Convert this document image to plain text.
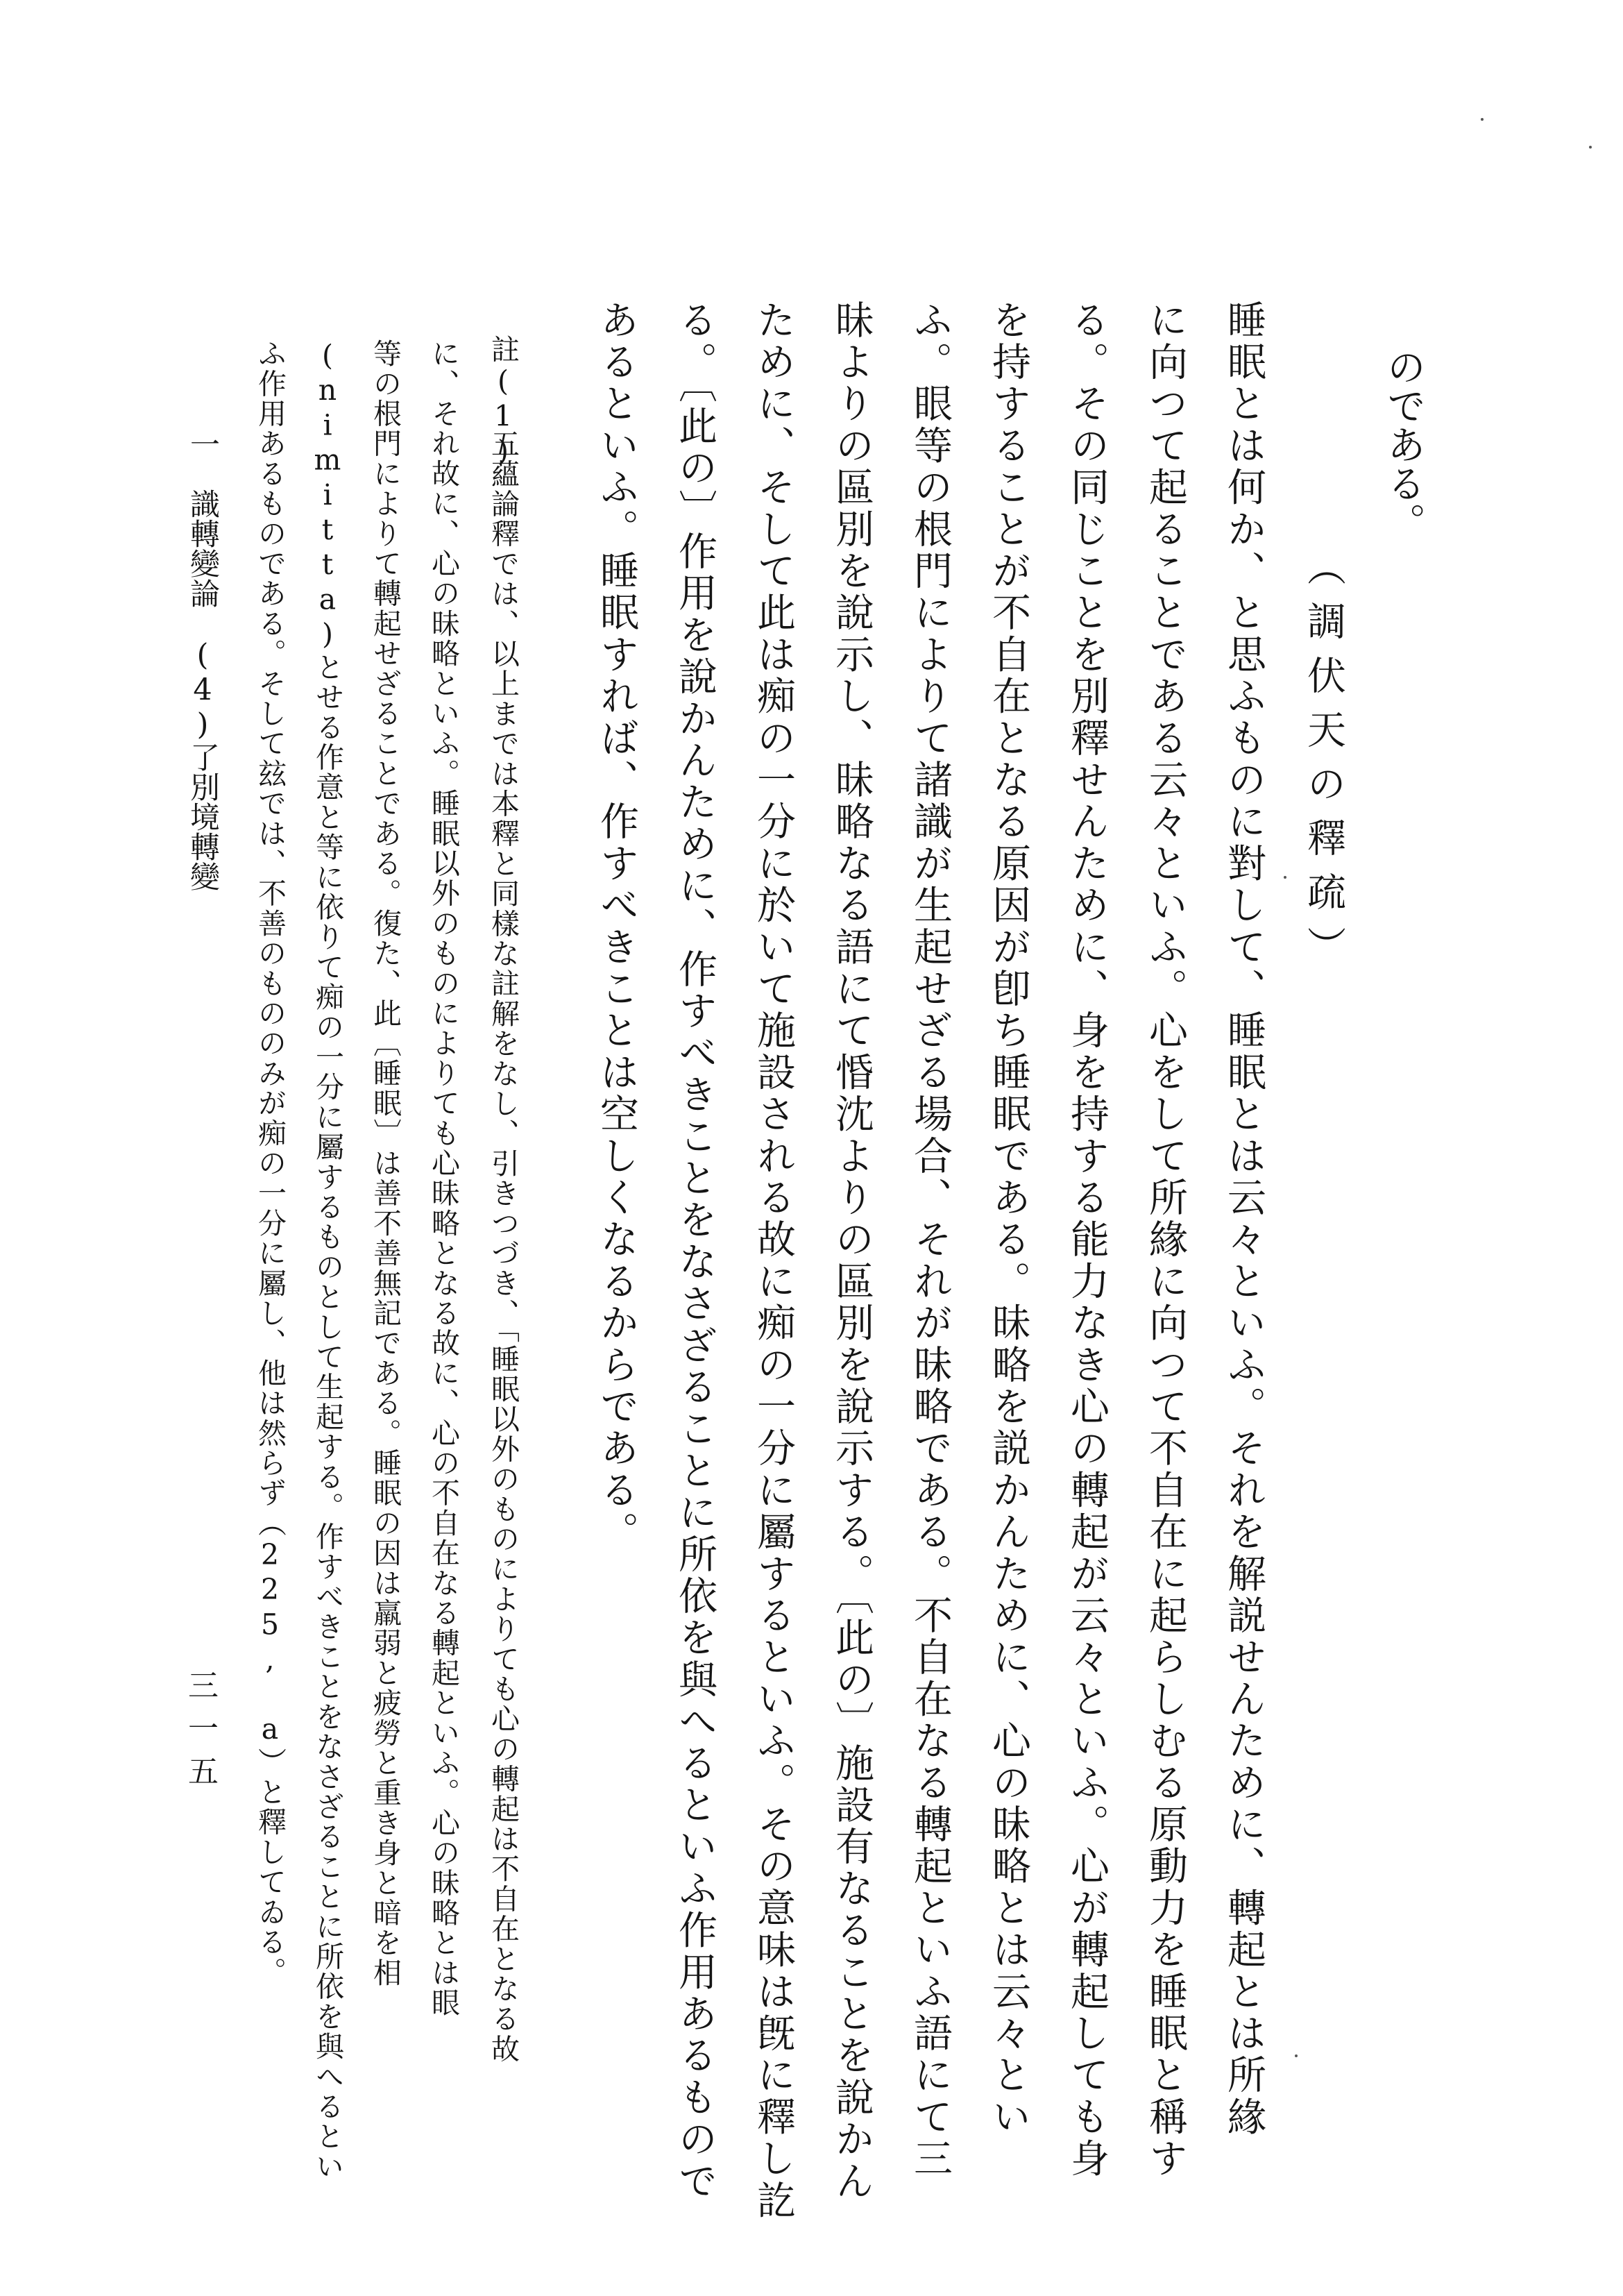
のである。
（調伏天の釋疏）
睡眠とは何か、と思ふものに對して、睡眠とは云々といふ。それを解説せんために、轉起とは所緣
に向つて起ることである云々といふ。心をして所緣に向つて不自在に起らしむる原動力を睡眠と稱す
る。その同じことを別釋せんために、身を持する能力なき心の轉起が云々といふ。心が轉起しても身
を持することが不自在となる原因が卽ち睡眠である。昧略を説かんために、心の昧略とは云々とい
ふ。眼等の根門によりて諸識が生起せざる場合、それが昧略である。不自在なる轉起といふ語にて三
昧よりの區別を說示し、昧略なる語にて惛沈よりの區別を說示する。〔此の〕施設有なることを說かん
ために、そして此は痴の一分に於いて施設される故に痴の一分に屬するといふ。その意味は旣に釋し訖
る。〔此の〕作用を說かんために、作すべきことをなさざることに所依を與へるといふ作用あるもので
あるといふ。睡眠すれば、作すべきことは空しくなるからである。
註(1)
五蘊論釋では、以上までは本釋と同樣な註解をなし、引きつづき、「睡眠以外のものによりても心の轉起は不自在となる故
に、それ故に、心の昧略といふ。睡眠以外のものによりても心昧略となる故に、心の不自在なる轉起といふ。心の昧略とは眼
等の根門によりて轉起せざることである。復た、此〔睡眠〕は善不善無記である。睡眠の因は羸弱と疲勞と重き身と暗を相
(nimitta)とせる作意と等に依りて痴の一分に屬するものとして生起する。作すべきことをなさざることに所依を與へるとい
ふ作用あるものである。そして玆では、不善のもののみが痴の一分に屬し、他は然らず（225, a）と釋してゐる。
一　識轉變論　(4)了別境轉變
三一五
